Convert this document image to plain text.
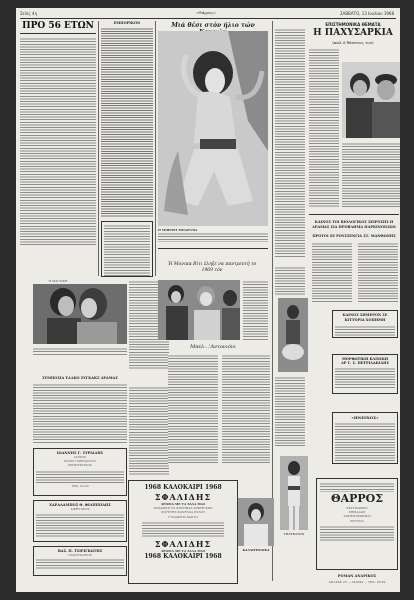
Σελίς 4η	«Θάρρος»	ΣΑΒΒΑΤΟ, 13 Ιουλίου 1968
ΠΡΟ 56 ΕΤΩΝ
Η ΜΑΓΤΙΚΗ
ΣΥΜΠΟΣΙΑ ΤΑΛΚΟ ΣΥΓΚΑΚΣ ΔΡΑΜΑΣ
ΙΩΑΝΝΗΣ Γ. ΣΥΡΙΑΔΗΣ
ΙΑΤΡΟΣ
ΦΙΛΟΣ ΠΑΘΟΛΟΓΟΥ
ΧΕΙΡΟΥΡΓΙΚΟΣ
ΤΗΛ. 23-43
ΧΑΡΑΛΑΜΠΟΣ Θ. ΦΙΛΙΠΠΙΔΗΣ
ΔΙΚΗΓΟΡΟΣ
ΒΑΣ. Π. ΤΣΙΡΙΓΚΩΤΗΣ
ΟΔΟΝΤΙΑΤΡΟΣ
ΕΜΠΟΡΙΚΟΝ	Μιά θέσι στόν ήλιο τών
Η ΜΠΡΙΖΙΤ ΜΠΑΡΝΤΩ
Ή Μονικα Βίτι έληξε να παντρευτή το 1969 τόν
Μπελ...'Αντονιόνι
1968 ΚΑΛΟΚΑΙΡΙ 1968
ΣΦΑΛΙΔΗΣ
ΔΡΟΣΙΑ ΜΕ ΤΑ ΣΑΛΑ ΜΑΣ
ΠΥΖΑΜΕΣ ΤΟ ΦΕΣΤΙΒΑΛ ΜΠΕΡΓΚΕΝ
ΦΟΥΣΤΕΣ ΦΑΝΕΛΛΑ ΚΥΛΟΤ
ΓΥΝΑΙΚΕΙΑ ΜΑΓΙΟ
ΣΦΑΛΙΔΗΣ
ΔΡΟΣΙΑ ΜΕ ΤΑ ΣΑΛΑ ΜΑΣ
1968 ΚΑΛΟΚΑΙΡΙ 1968
ΚΑΛΛΙΤΕΧΝΙΚΑ
ΤΗΛΕΒΑΤΩΝ
ΕΠΙΣΤΗΜΟΝΙΚΑ ΘΕΜΑΤΑ
Η ΠΑΧΥΣΑΡΚΙΑ
(καλ ό θάνατος του)
ΚΑΙΝΟΣ ΤΟΙ ΒΙΟΛΟΓΙΚΟΣ ΣΕΙΡΟΣΗΣ Η ΔΡΑΜΑΣ ΣΙΑ ΠΡΟΒΛΗΜΑ ΠΑΡΚΙΝΟΝΣΩΝ
ΠΡΟΤΟΙ ΣΕ ΡΟΥΣΣΕΝΓΙΑ ΣΤ. ΜΑΝΘΩΝΗΣ
ΚΑΙΝΟΣ ΣΗΜΕΡΟΝ ΣΕ ΚΙΤΤΟΡΙΑ ΧΟΠΗΜΗ
ΜΟΡΦΩΤΙΚΗ ΚΛΙΝΙΚΗ
ΔΡ Γ. Σ. ΠΕΤΡΙΔΑΚΙΔΗΣ
«ΗΝΙΟΧΟΣ»
ΘΑΡΡΟΣ
ΕΚΤΥΠΩΣΕΙΣ
ΣΗΜΑΙΑΙΣ
ΤΑΞΙΕΝΔΕΙΣΙΜΑΙ
ΕΝΤΥΠΑ
ΡΟΜΑΝ ΑΝΔΡΙΚΟΣ
ΑΝΔΡΑΣ 23 — ΔΡΑΜΑ — ΤΗΛ. 28-49
